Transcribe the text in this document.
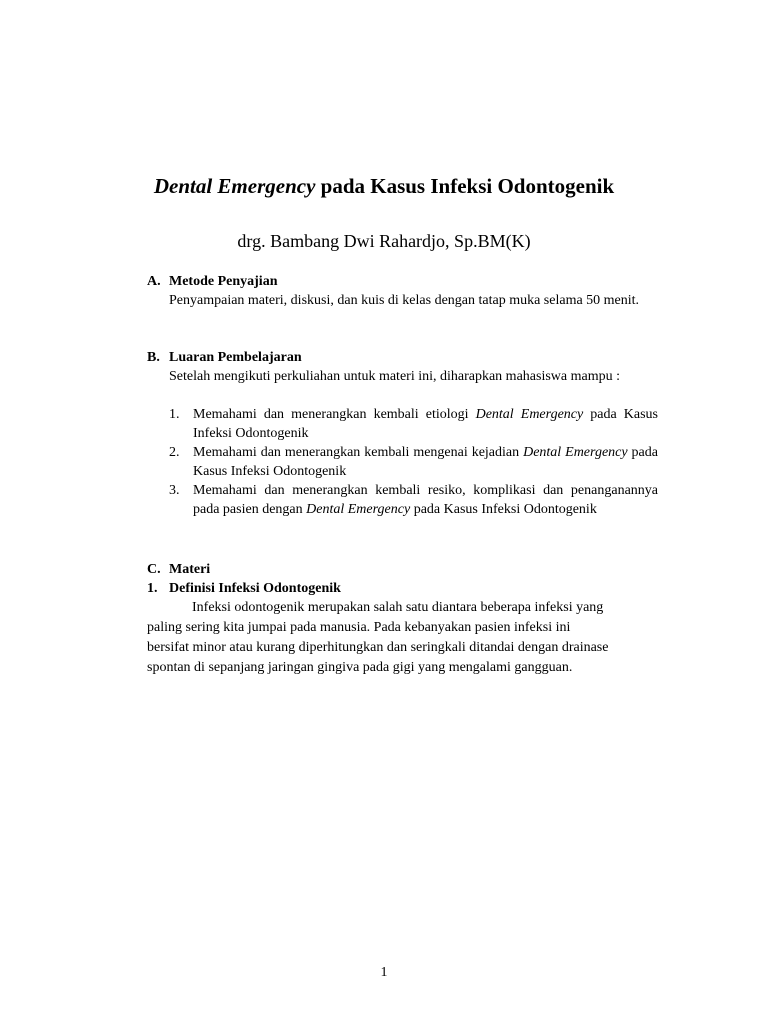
Dental Emergency pada Kasus Infeksi Odontogenik

drg. Bambang Dwi Rahardjo, Sp.BM(K)

A. Metode Penyajian

Penyampaian materi, diskusi, dan kuis di kelas dengan tatap muka selama 50 menit.

B. Luaran Pembelajaran

Setelah mengikuti perkuliahan untuk materi ini, diharapkan mahasiswa mampu :

1. Memahami dan menerangkan kembali etiologi Dental Emergency pada Kasus Infeksi Odontogenik
2. Memahami dan menerangkan kembali mengenai kejadian Dental Emergency pada Kasus Infeksi Odontogenik
3. Memahami dan menerangkan kembali resiko, komplikasi dan penanganannya pada pasien dengan Dental Emergency pada Kasus Infeksi Odontogenik

C. Materi

1. Definisi Infeksi Odontogenik

Infeksi odontogenik merupakan salah satu diantara beberapa infeksi yang
paling sering kita jumpai pada manusia. Pada kebanyakan pasien infeksi ini
bersifat minor atau kurang diperhitungkan dan seringkali ditandai dengan drainase
spontan di sepanjang jaringan gingiva pada gigi yang mengalami gangguan.

1
